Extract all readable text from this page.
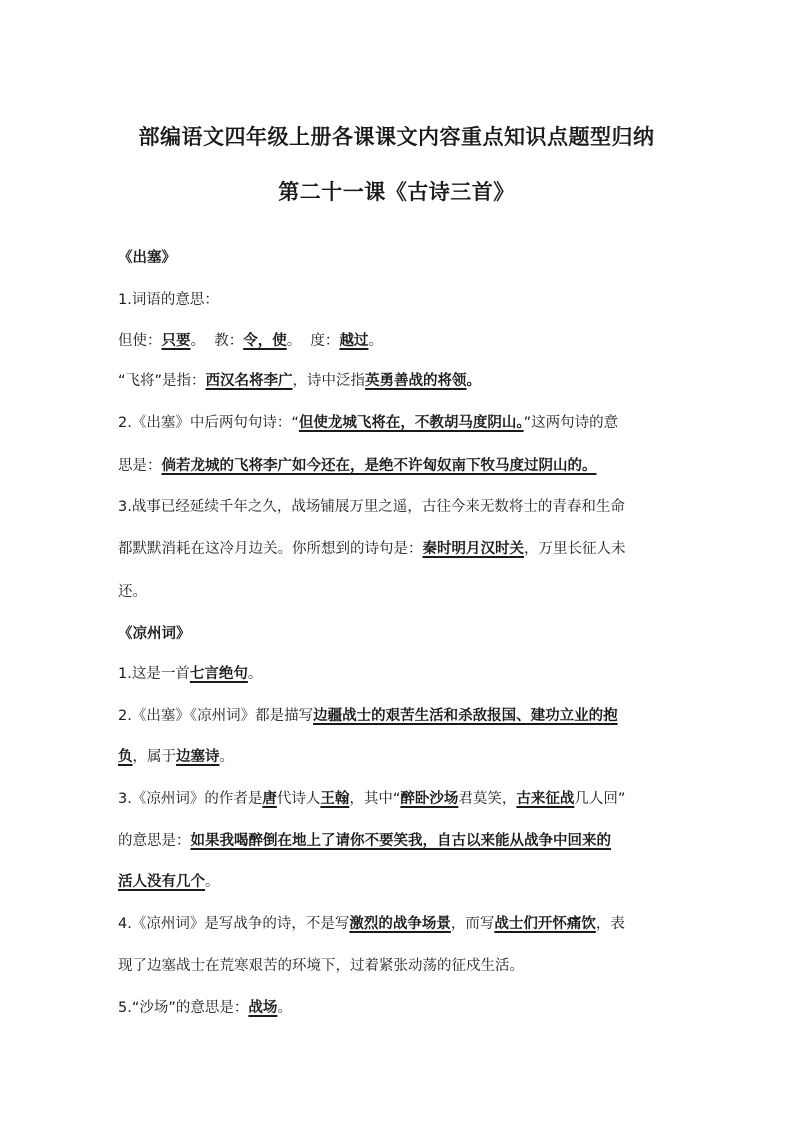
部编语文四年级上册各课课文内容重点知识点题型归纳
第二十一课《古诗三首》

《出塞》

1.词语的意思：

但使：只要。  教：令，使。  度：越过。

“飞将”是指：西汉名将李广，诗中泛指英勇善战的将领。

2.《出塞》中后两句句诗：“但使龙城飞将在，不教胡马度阴山。”这两句诗的意

思是：倘若龙城的飞将李广如今还在，是绝不许匈奴南下牧马度过阴山的。

3.战事已经延续千年之久，战场铺展万里之遥，古往今来无数将士的青春和生命

都默默消耗在这冷月边关。你所想到的诗句是：秦时明月汉时关，万里长征人未

还。

《凉州词》

1.这是一首七言绝句。

2.《出塞》《凉州词》都是描写边疆战士的艰苦生活和杀敌报国、建功立业的抱

负，属于边塞诗。

3.《凉州词》的作者是唐代诗人王翰，其中“醉卧沙场君莫笑，古来征战几人回”

的意思是：如果我喝醉倒在地上了请你不要笑我，自古以来能从战争中回来的

活人没有几个。

4.《凉州词》是写战争的诗，不是写激烈的战争场景，而写战士们开怀痛饮，表

现了边塞战士在荒寒艰苦的环境下，过着紧张动荡的征戍生活。

5.“沙场”的意思是：战场。
